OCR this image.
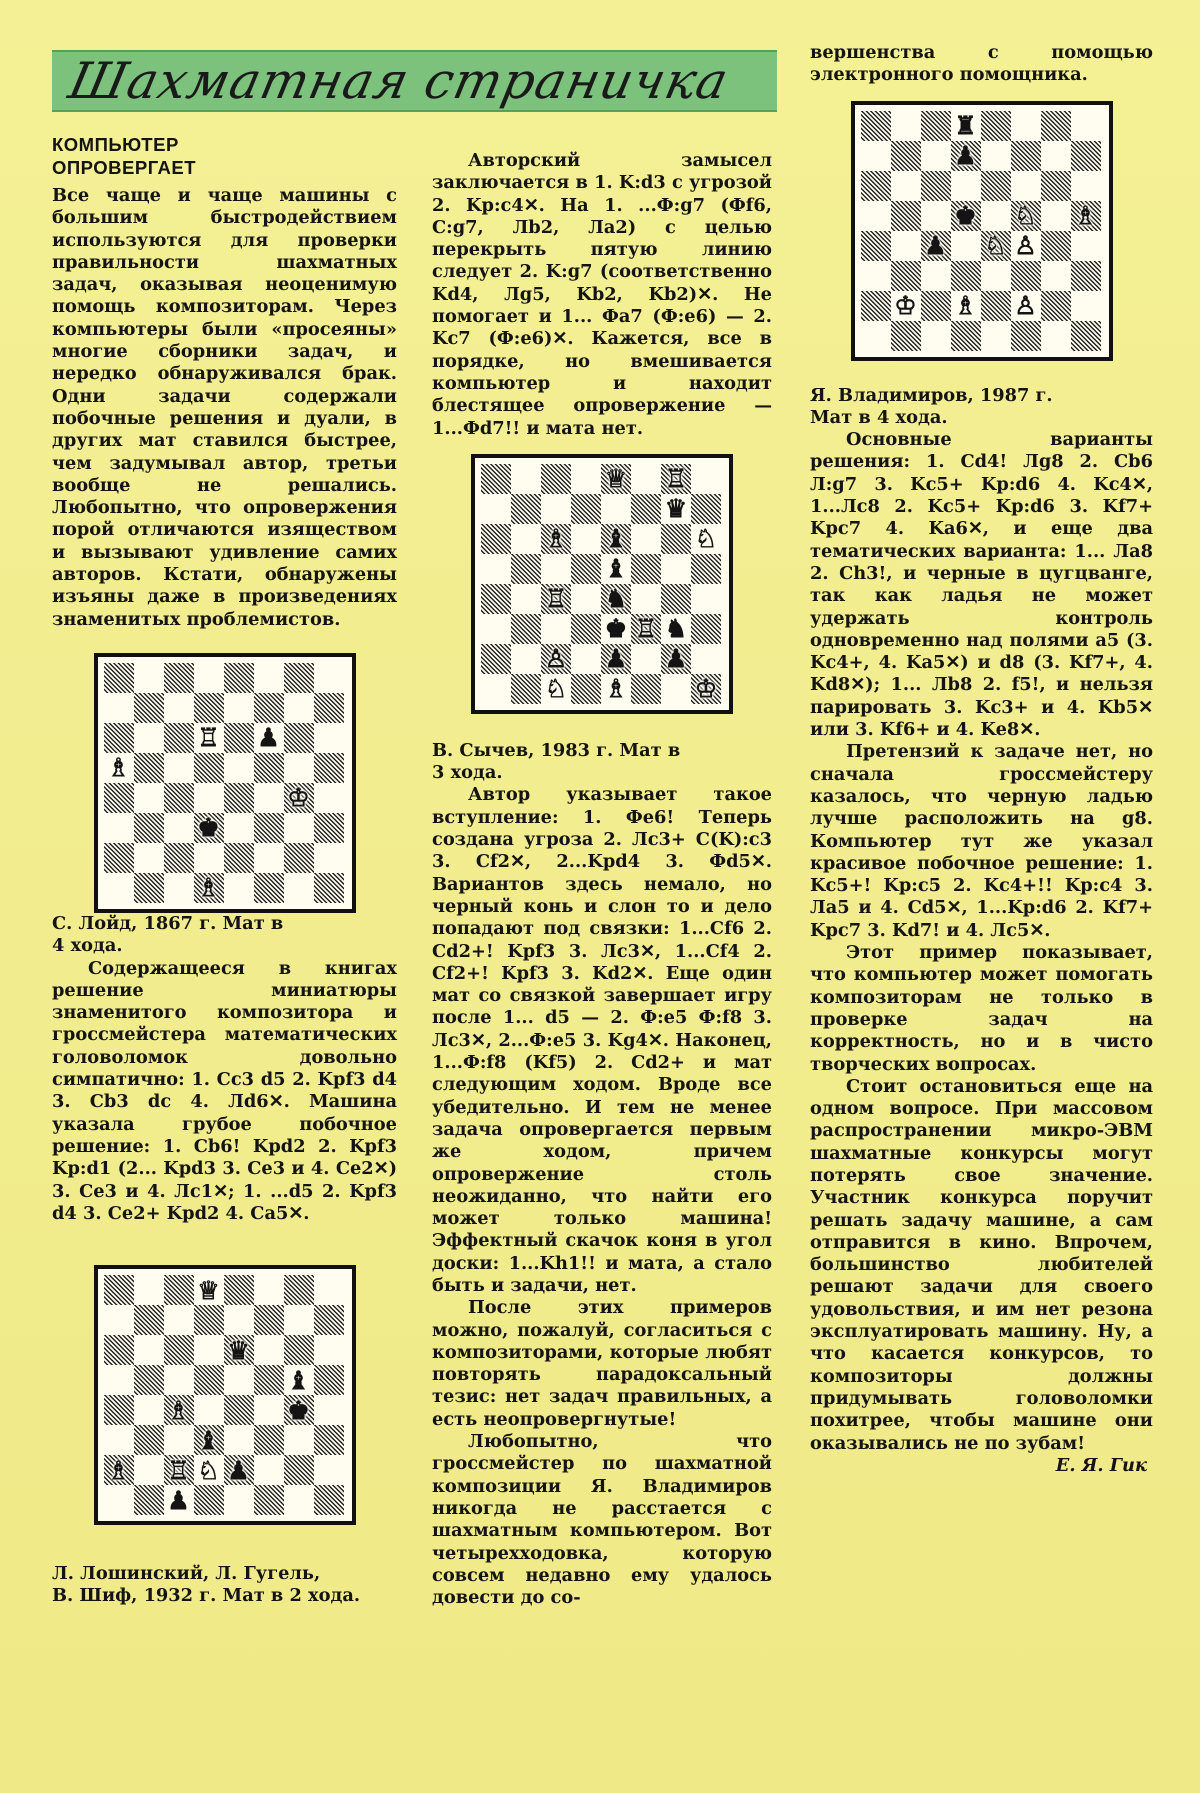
Шахматная страничка
КОМПЬЮТЕР
ОПРОВЕРГАЕТ

Все чаще и чаще машины с большим быстродействием используются для проверки правильности шахматных задач, оказывая неоценимую помощь композиторам. Через компьютеры были «просеяны» многие сборники задач, и нередко обнаруживался брак. Одни задачи содержали побочные решения и дуали, в других мат ставился быстрее, чем задумывал автор, третьи вообще не решались. Любопытно, что опровержения порой отличаются изяществом и вызывают удивление самих авторов. Кстати, обнаружены изъяны даже в произведениях знаменитых проблемистов.

♖ ♟
♗
♔
♚
♗

С. Лойд, 1867 г. Мат в
4 хода.

Содержащееся в книгах решение миниатюры знаменитого композитора и гроссмейстера математических головоломок довольно симпатично: 1. Cc3 d5 2. Kpf3 d4 3. Cb3 dc 4. Лd6✕. Машина указала грубое побочное решение: 1. Cb6! Kpd2 2. Kpf3 Kp:d1 (2... Kpd3 3. Ce3 и 4. Ce2✕) 3. Ce3 и 4. Лc1✕; 1. ...d5 2. Kpf3 d4 3. Ce2+ Kpd2 4. Ca5✕.

♕
♛
♝
♗	♚
♝
♗ ♖ ♘ ♟
♟

Л. Лошинский, Л. Гугель,
В. Шиф, 1932 г. Мат в 2 хода.

Авторский замысел заключается в 1. K:d3 с угрозой 2. Kp:c4✕. На 1. ...Ф:g7 (Фf6, C:g7, Лb2, Лa2) с целью перекрыть пятую линию следует 2. K:g7 (соответственно Kd4, Лg5, Kb2, Kb2)✕. Не помогает и 1... Фa7 (Ф:e6) — 2. Kc7 (Ф:e6)✕. Кажется, все в порядке, но вмешивается компьютер и находит блестящее опровержение — 1...Фd7!! и мата нет.

♕ ♖
♛
♗ ♝	♘
♝
♖ ♞
♚ ♖ ♞
♙ ♟ ♟
♘ ♗	♔

В. Сычев, 1983 г. Мат в
3 хода.

Автор указывает такое вступление: 1. Фe6! Теперь создана угроза 2. Лc3+ C(K):c3 3. Cf2✕, 2...Kpd4 3. Фd5✕. Вариантов здесь немало, но черный конь и слон то и дело попадают под связки: 1...Cf6 2. Cd2+! Kpf3 3. Лc3✕, 1...Cf4 2. Cf2+! Kpf3 3. Kd2✕. Еще один мат со связкой завершает игру после 1... d5 — 2. Ф:e5 Ф:f8 3. Лc3✕, 2...Ф:e5 3. Kg4✕. Наконец, 1...Ф:f8 (Kf5) 2. Cd2+ и мат следующим ходом. Вроде все убедительно. И тем не менее задача опровергается первым же ходом, причем опровержение столь неожиданно, что найти его может только машина! Эффектный скачок коня в угол доски: 1...Kh1!! и мата, а стало быть и задачи, нет.

После этих примеров можно, пожалуй, согласиться с композиторами, которые любят повторять парадоксальный тезис: нет задач правильных, а есть неопровергнутые!

Любопытно, что гроссмейстер по шахматной композиции Я. Владимиров никогда не расстается с шахматным компьютером. Вот четырехходовка, которую совсем недавно ему удалось довести до со-

вершенства с помощью электронного помощника.

♜
♟
♚ ♘ ♗
♟ ♘ ♙
♔ ♗ ♙

Я. Владимиров, 1987 г.
Мат в 4 хода.

Основные варианты решения: 1. Cd4! Лg8 2. Cb6 Л:g7 3. Kc5+ Kp:d6 4. Kc4✕, 1...Лc8 2. Kc5+ Kp:d6 3. Kf7+ Kpc7 4. Ka6✕, и еще два тематических варианта: 1... Лa8 2. Ch3!, и черные в цугцванге, так как ладья не может удержать контроль одновременно над полями a5 (3. Kc4+, 4. Ka5✕) и d8 (3. Kf7+, 4. Kd8✕); 1... Лb8 2. f5!, и нельзя парировать 3. Kc3+ и 4. Kb5✕ или 3. Kf6+ и 4. Ke8✕.

Претензий к задаче нет, но сначала гроссмейстеру казалось, что черную ладью лучше расположить на g8. Компьютер тут же указал красивое побочное решение: 1. Kc5+! Kp:c5 2. Kc4+!! Kp:c4 3. Лa5 и 4. Cd5✕, 1...Kp:d6 2. Kf7+ Kpc7 3. Kd7! и 4. Лc5✕.

Этот пример показывает, что компьютер может помогать композиторам не только в проверке задач на корректность, но и в чисто творческих вопросах.

Стоит остановиться еще на одном вопросе. При массовом распространении микро-ЭВМ шахматные конкурсы могут потерять свое значение. Участник конкурса поручит решать задачу машине, а сам отправится в кино. Впрочем, большинство любителей решают задачи для своего удовольствия, и им нет резона эксплуатировать машину. Ну, а что касается конкурсов, то композиторы должны придумывать головоломки похитрее, чтобы машине они оказывались не по зубам!

Е. Я. Гик
